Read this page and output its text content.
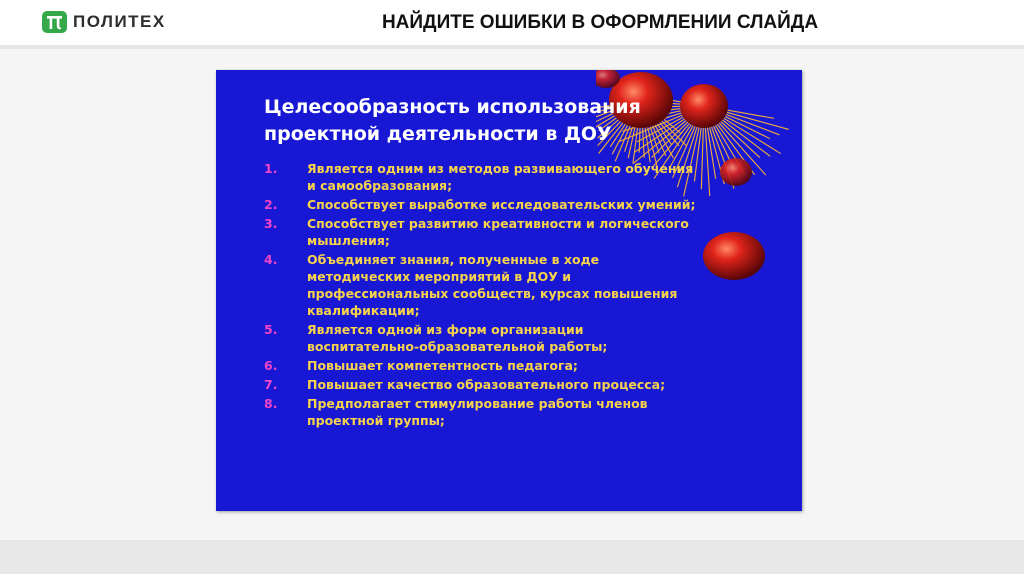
ПОЛИТЕХ	НАЙДИТЕ ОШИБКИ В ОФОРМЛЕНИИ СЛАЙДА
Целесообразность использования
проектной деятельности в ДОУ
1.	Является одним из методов развивающего обучения
и самообразования;
2.	Способствует выработке исследовательских умений;
3.	Способствует развитию креативности и логического
мышления;
4.	Объединяет знания, полученные в ходе
методических мероприятий в ДОУ и
профессиональных сообществ, курсах повышения
квалификации;
5.	Является одной из форм организации
воспитательно-образовательной работы;
6.	Повышает компетентность педагога;
7.	Повышает качество образовательного процесса;
8.	Предполагает стимулирование работы членов
проектной группы;
